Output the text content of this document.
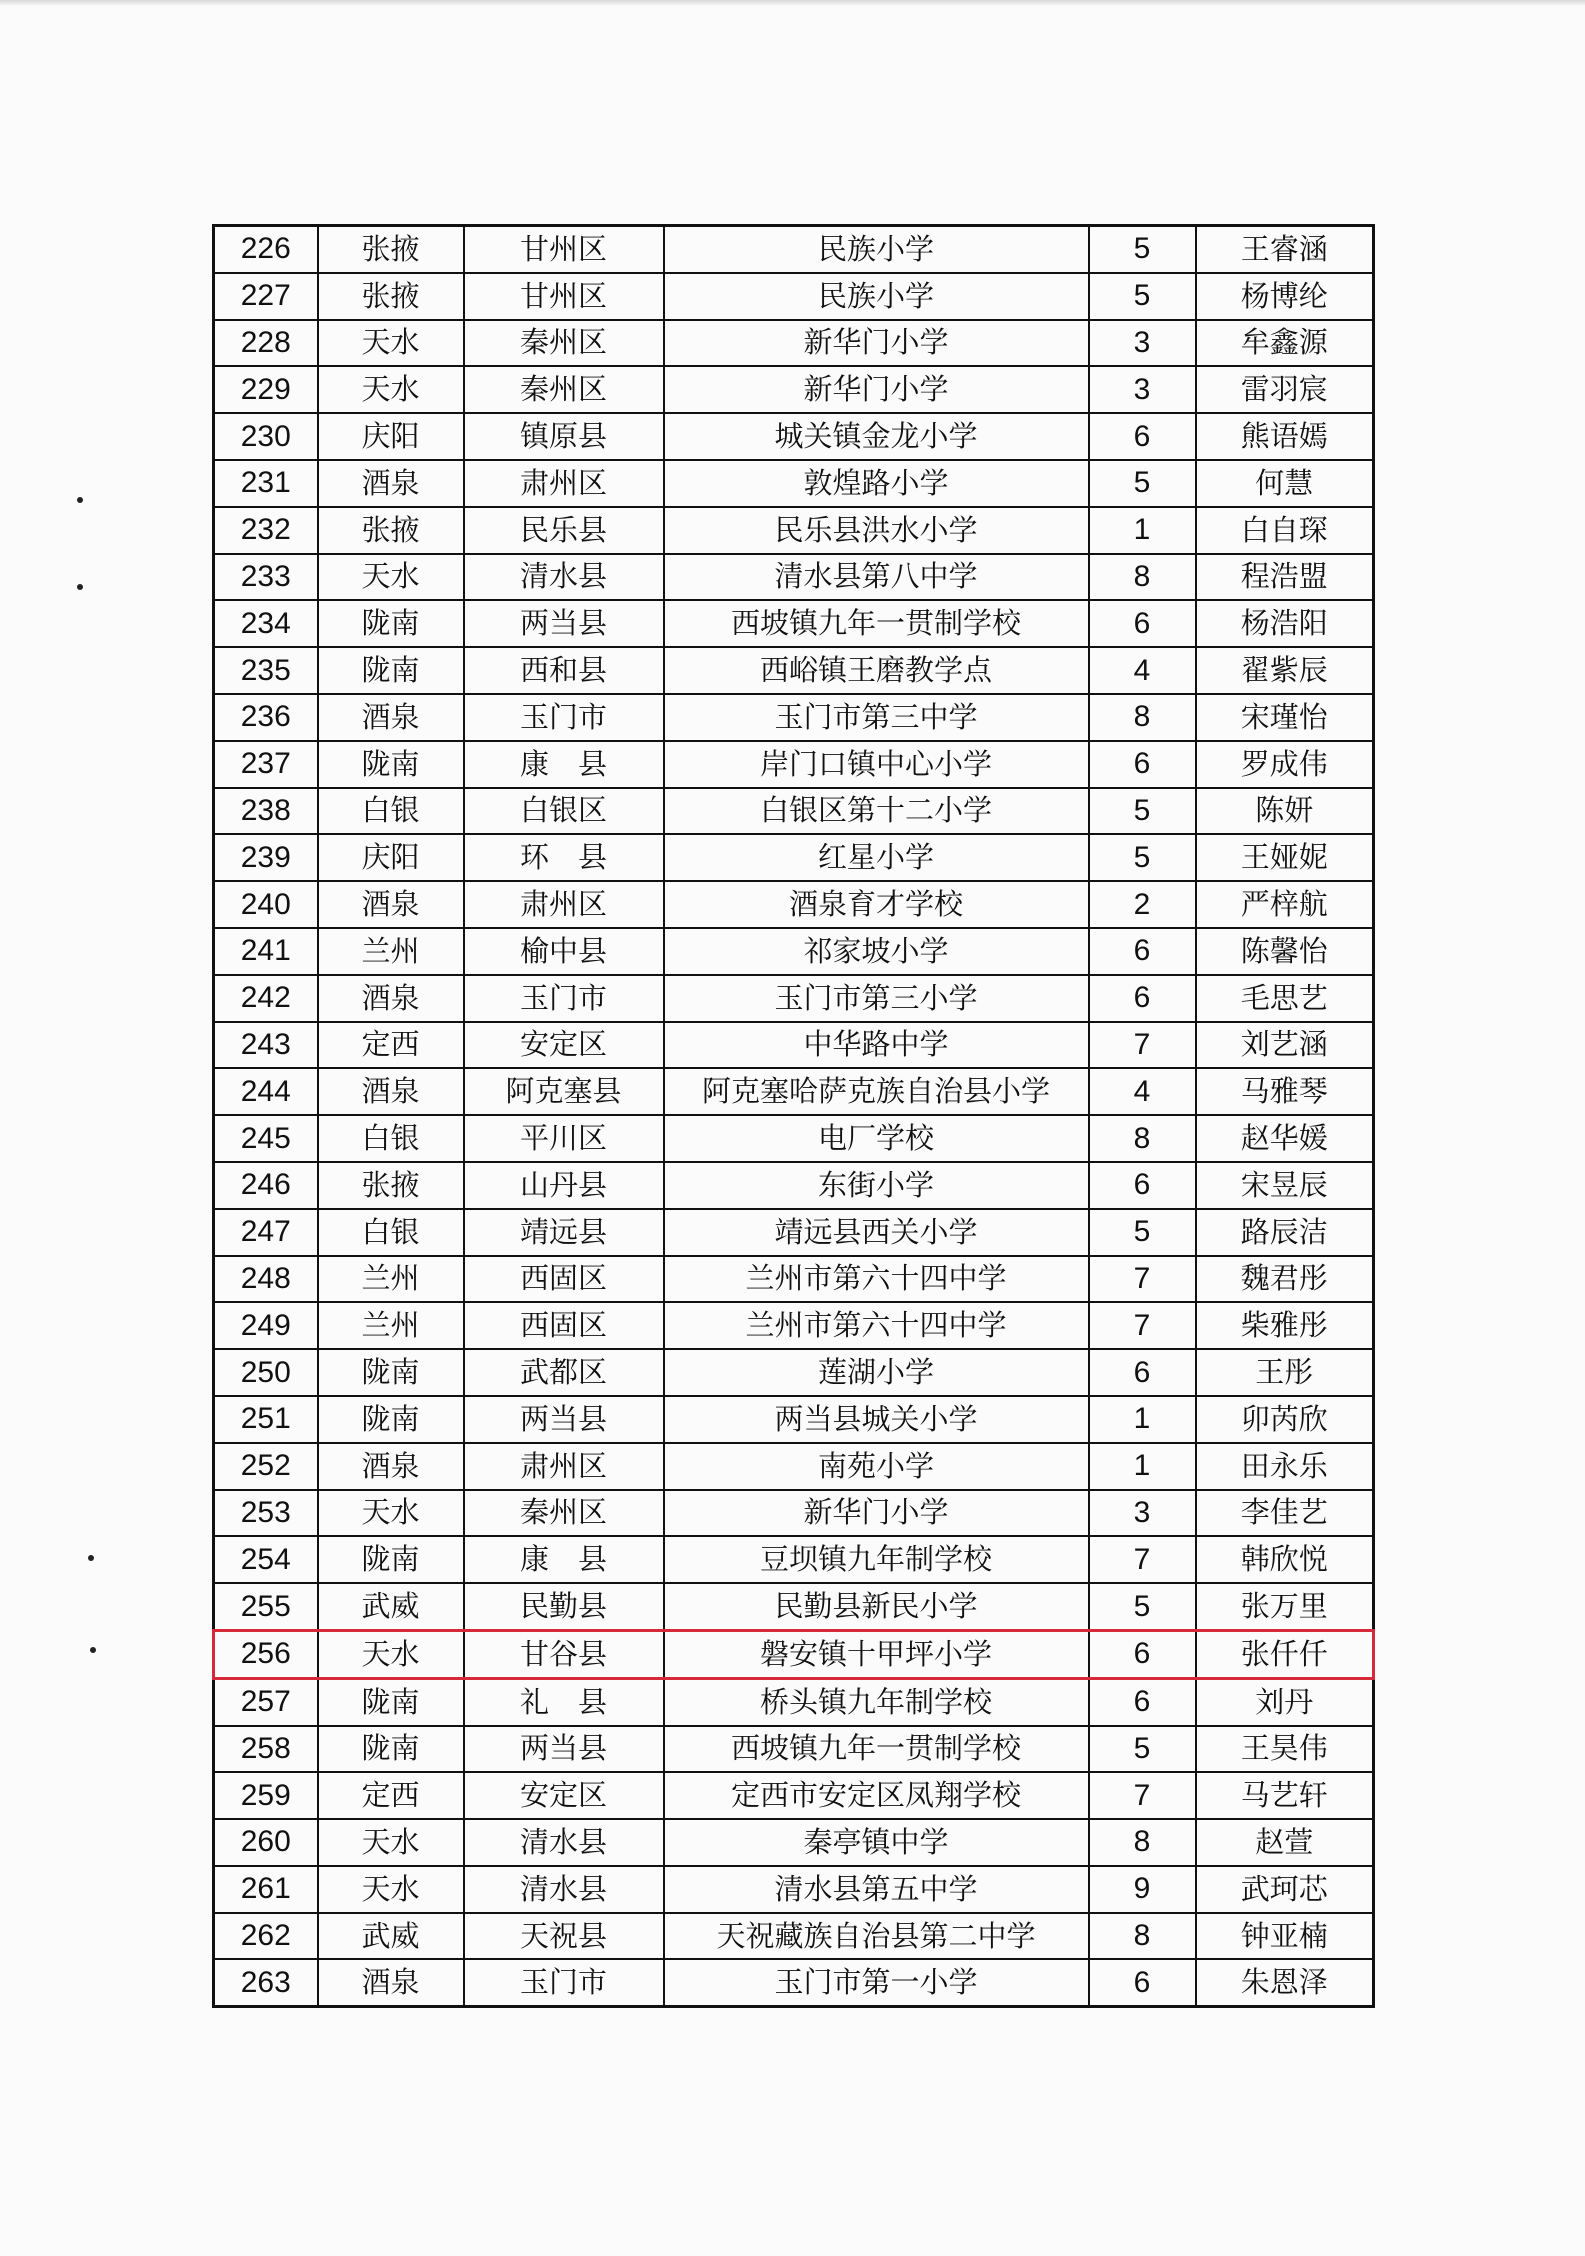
226	张掖	甘州区	民族小学	5	王睿涵
227	张掖	甘州区	民族小学	5	杨博纶
228	天水	秦州区	新华门小学	3	牟鑫源
229	天水	秦州区	新华门小学	3	雷羽宸
230	庆阳	镇原县	城关镇金龙小学	6	熊语嫣
231	酒泉	肃州区	敦煌路小学	5	何慧
232	张掖	民乐县	民乐县洪水小学	1	白自琛
233	天水	清水县	清水县第八中学	8	程浩盟
234	陇南	两当县	西坡镇九年一贯制学校	6	杨浩阳
235	陇南	西和县	西峪镇王磨教学点	4	翟紫辰
236	酒泉	玉门市	玉门市第三中学	8	宋瑾怡
237	陇南	康　县	岸门口镇中心小学	6	罗成伟
238	白银	白银区	白银区第十二小学	5	陈妍
239	庆阳	环　县	红星小学	5	王娅妮
240	酒泉	肃州区	酒泉育才学校	2	严梓航
241	兰州	榆中县	祁家坡小学	6	陈馨怡
242	酒泉	玉门市	玉门市第三小学	6	毛思艺
243	定西	安定区	中华路中学	7	刘艺涵
244	酒泉	阿克塞县	阿克塞哈萨克族自治县小学	4	马雅琴
245	白银	平川区	电厂学校	8	赵华媛
246	张掖	山丹县	东街小学	6	宋昱辰
247	白银	靖远县	靖远县西关小学	5	路辰洁
248	兰州	西固区	兰州市第六十四中学	7	魏君彤
249	兰州	西固区	兰州市第六十四中学	7	柴雅彤
250	陇南	武都区	莲湖小学	6	王彤
251	陇南	两当县	两当县城关小学	1	卯芮欣
252	酒泉	肃州区	南苑小学	1	田永乐
253	天水	秦州区	新华门小学	3	李佳艺
254	陇南	康　县	豆坝镇九年制学校	7	韩欣悦
255	武威	民勤县	民勤县新民小学	5	张万里
256	天水	甘谷县	磐安镇十甲坪小学	6	张仟仟
257	陇南	礼　县	桥头镇九年制学校	6	刘丹
258	陇南	两当县	西坡镇九年一贯制学校	5	王昊伟
259	定西	安定区	定西市安定区凤翔学校	7	马艺轩
260	天水	清水县	秦亭镇中学	8	赵萱
261	天水	清水县	清水县第五中学	9	武珂芯
262	武威	天祝县	天祝藏族自治县第二中学	8	钟亚楠
263	酒泉	玉门市	玉门市第一小学	6	朱恩泽
